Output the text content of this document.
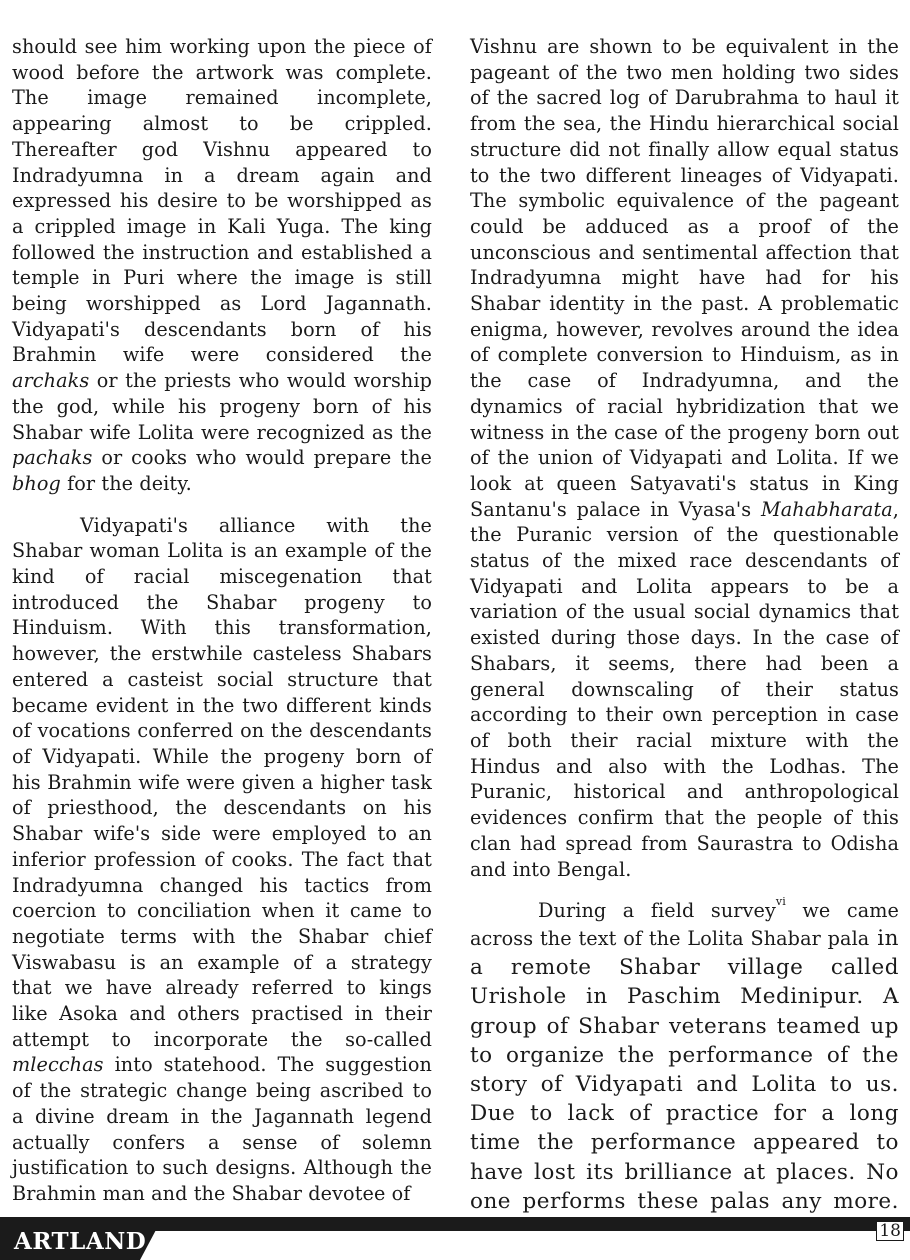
should see him working upon the piece of wood before the artwork was complete. The image remained incomplete, appearing almost to be crippled. Thereafter god Vishnu appeared to Indradyumna in a dream again and expressed his desire to be worshipped as a crippled image in Kali Yuga. The king followed the instruction and established a temple in Puri where the image is still being worshipped as Lord Jagannath. Vidyapati's descendants born of his Brahmin wife were considered the archaks or the priests who would worship the god, while his progeny born of his Shabar wife Lolita were recognized as the pachaks or cooks who would prepare the bhog for the deity.

Vidyapati's alliance with the Shabar woman Lolita is an example of the kind of racial miscegenation that introduced the Shabar progeny to Hinduism. With this transformation, however, the erstwhile casteless Shabars entered a casteist social structure that became evident in the two different kinds of vocations conferred on the descendants of Vidyapati. While the progeny born of his Brahmin wife were given a higher task of priesthood, the descendants on his Shabar wife's side were employed to an inferior profession of cooks. The fact that Indradyumna changed his tactics from coercion to conciliation when it came to negotiate terms with the Shabar chief Viswabasu is an example of a strategy that we have already referred to kings like Asoka and others practised in their attempt to incorporate the so-called mlecchas into statehood. The suggestion of the strategic change being ascribed to a divine dream in the Jagannath legend actually confers a sense of solemn justification to such designs. Although the Brahmin man and the Shabar devotee of

Vishnu are shown to be equivalent in the pageant of the two men holding two sides of the sacred log of Darubrahma to haul it from the sea, the Hindu hierarchical social structure did not finally allow equal status to the two different lineages of Vidyapati. The symbolic equivalence of the pageant could be adduced as a proof of the unconscious and sentimental affection that Indradyumna might have had for his Shabar identity in the past. A problematic enigma, however, revolves around the idea of complete conversion to Hinduism, as in the case of Indradyumna, and the dynamics of racial hybridization that we witness in the case of the progeny born out of the union of Vidyapati and Lolita. If we look at queen Satyavati's status in King Santanu's palace in Vyasa's Mahabharata, the Puranic version of the questionable status of the mixed race descendants of Vidyapati and Lolita appears to be a variation of the usual social dynamics that existed during those days. In the case of Shabars, it seems, there had been a general downscaling of their status according to their own perception in case of both their racial mixture with the Hindus and also with the Lodhas. The Puranic, historical and anthropological evidences confirm that the people of this clan had spread from Saurastra to Odisha and into Bengal.

During a field survey$^{vi}$ we came across the text of the Lolita Shabar pala in a remote Shabar village called Urishole in Paschim Medinipur. A group of Shabar veterans teamed up to organize the performance of the story of Vidyapati and Lolita to us. Due to lack of practice for a long time the performance appeared to have lost its brilliance at places. No one performs these palas any more.

ARTLAND	18
